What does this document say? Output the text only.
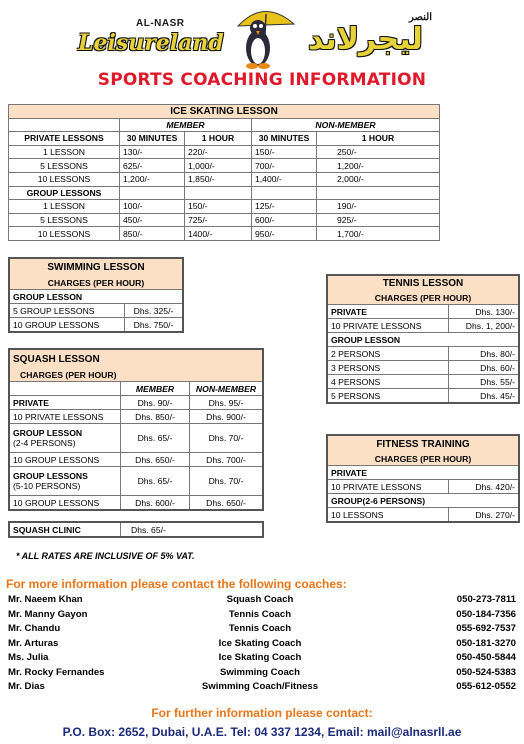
AL-NASR
Leisureland
النصر
ليجرلاند
SPORTS COACHING INFORMATION
ICE SKATING LESSON				
	MEMBER		NON-MEMBER	
PRIVATE LESSONS	30 MINUTES	1 HOUR	30 MINUTES	1 HOUR
1 LESSON	130/-	220/-	150/-	250/-
5 LESSONS	625/-	1,000/-	700/-	1,200/-
10 LESSONS	1,200/-	1,850/-	1,400/-	2,000/-
GROUP LESSONS				
1 LESSON	100/-	150/-	125/-	190/-
5 LESSONS	450/-	725/-	600/-	925/-
10 LESSONS	850/-	1400/-	950/-	1,700/-
SWIMMING LESSON	
CHARGES (PER HOUR)	
GROUP LESSON	
5 GROUP LESSONS	Dhs. 325/-
10 GROUP LESSONS	Dhs. 750/-
SQUASH LESSON		
CHARGES (PER HOUR)		
	MEMBER	NON-MEMBER
PRIVATE	Dhs. 90/-	Dhs. 95/-
10 PRIVATE LESSONS	Dhs. 850/-	Dhs. 900/-

GROUP LESSON
(2-4 PERSONS)	Dhs. 65/-	Dhs. 70/-
10 GROUP LESSONS	Dhs. 650/-	Dhs. 700/-

GROUP LESSONS
(5-10 PERSONS)	Dhs. 65/-	Dhs. 70/-
10 GROUP LESSONS	Dhs. 600/-	Dhs. 650/-
SQUASH CLINIC	Dhs. 65/-
TENNIS LESSON	
CHARGES (PER HOUR)	
PRIVATE	Dhs. 130/-
10 PRIVATE LESSONS	Dhs. 1, 200/-
GROUP LESSON	
2 PERSONS	Dhs. 80/-
3 PERSONS	Dhs. 60/-
4 PERSONS	Dhs. 55/-
5 PERSONS	Dhs. 45/-
FITNESS TRAINING	
CHARGES (PER HOUR)	
PRIVATE	
10 PRIVATE LESSONS	Dhs. 420/-
GROUP(2-6 PERSONS)	
10 LESSONS	Dhs. 270/-
* ALL RATES ARE INCLUSIVE OF 5% VAT.
For more information please contact the following coaches:
Mr. Naeem Khan	Squash Coach	050-273-7811
Mr. Manny Gayon	Tennis Coach	050-184-7356
Mr. Chandu	Tennis Coach	055-692-7537
Mr. Arturas	Ice Skating Coach	050-181-3270
Ms. Julia	Ice Skating Coach	050-450-5844
Mr. Rocky Fernandes	Swimming Coach	050-524-5383
Mr. Dias	Swimming Coach/Fitness	055-612-0552
For further information please contact:
P.O. Box: 2652, Dubai, U.A.E. Tel: 04 337 1234, Email: mail@alnasrll.ae
